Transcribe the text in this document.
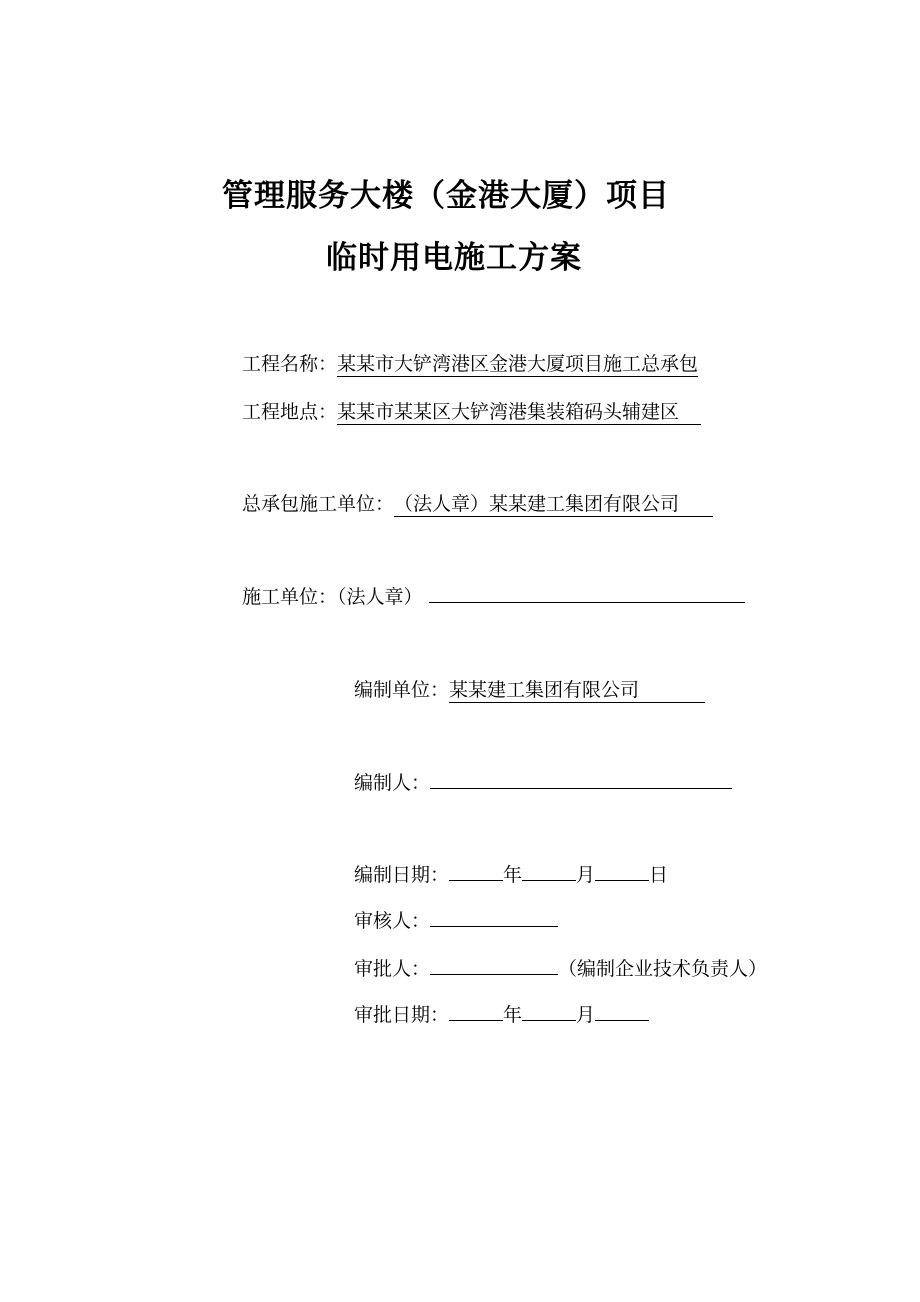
管理服务大楼（金港大厦）项目
临时用电施工方案
工程名称：某某市大铲湾港区金港大厦项目施工总承包
工程地点：某某市某某区大铲湾港集装箱码头辅建区
总承包施工单位：（法人章）某某建工集团有限公司
施工单位：（法人章）
编制单位：某某建工集团有限公司
编制人：
编制日期：	年	月	日
审核人：
审批人：	（编制企业技术负责人）
审批日期：	年	月
